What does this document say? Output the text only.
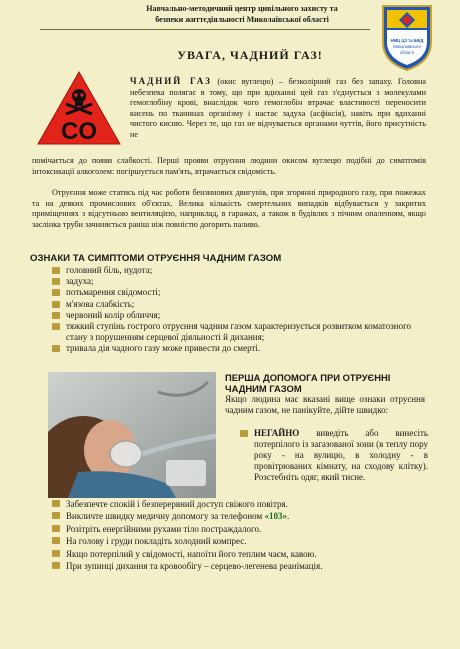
Навчально-методичний центр цивільного захисту та
безпеки життєдіяльності Миколаївської області
НМЦ ЦЗ та БЖД
Миколаївської
області
УВАГА, ЧАДНИЙ ГАЗ!
CO
ЧАДНИЙ ГАЗ (окис вуглецю) – безколірний газ без запаху. Головна небезпека полягає в тому, що при вдиханні цей газ з'єднується з молекулами гемоглобіну крові, внаслідок чого гемоглобін втрачає властивості переносити кисень по тканинах організму і настає задуха (асфіксія), навіть при вдиханні чистого кисню. Через те, що газ не відчувається органами чуттів, його присутність не
помічається до появи слабкості. Перші прояви отруєння людини окисом вуглецю подібні до симптомів інтоксикації алкоголем: погіршується пам'ять, втрачається свідомість.
Отруєння може статись під час роботи бензинових двигунів, при згорянні природного газу, при пожежах та на деяких промислових об'єктах. Велика кількість смертельних випадків відбувається у закритих приміщеннях з відсутньою вентиляцією, наприклад, в гаражах, а також в будівлях з пічним опаленням, якщо заслінка труби зачиняється раніш ніж повністю догорить паливо.
ОЗНАКИ ТА СИМПТОМИ ОТРУЄННЯ ЧАДНИМ ГАЗОМ
головний біль, нудота;
задуха;
потьмарення свідомості;
м'язова слабкість;
червоний колір обличчя;
тяжкий ступінь гострого отруєння чадним газом характеризується розвитком коматозного стану з порушенням серцевої діяльності й дихання;
тривала дія чадного газу може привести до смерті.
ПЕРША ДОПОМОГА ПРИ ОТРУЄННІ ЧАДНИМ ГАЗОМ
Якщо людина має вказані вище ознаки отруєння чадним газом, не панікуйте, дійте швидко:
НЕГАЙНО виведіть або винесіть потерпілого із загазованої зони (в теплу пору року - на вулицю, в холодну - в провітрюваних кімнату, на сходову клітку). Розстебніть одяг, який тисне.
Забезпечте спокій і безперервний доступ свіжого повітря.
Викличте швидку медичну допомогу за телефоном «103».
Розітріть енергійними рухами тіло постраждалого.
На голову і груди покладіть холодний компрес.
Якщо потерпілий у свідомості, напоїти його теплим чаєм, кавою.
При зупинці дихання та кровообігу – серцево-легенева реанімація.
